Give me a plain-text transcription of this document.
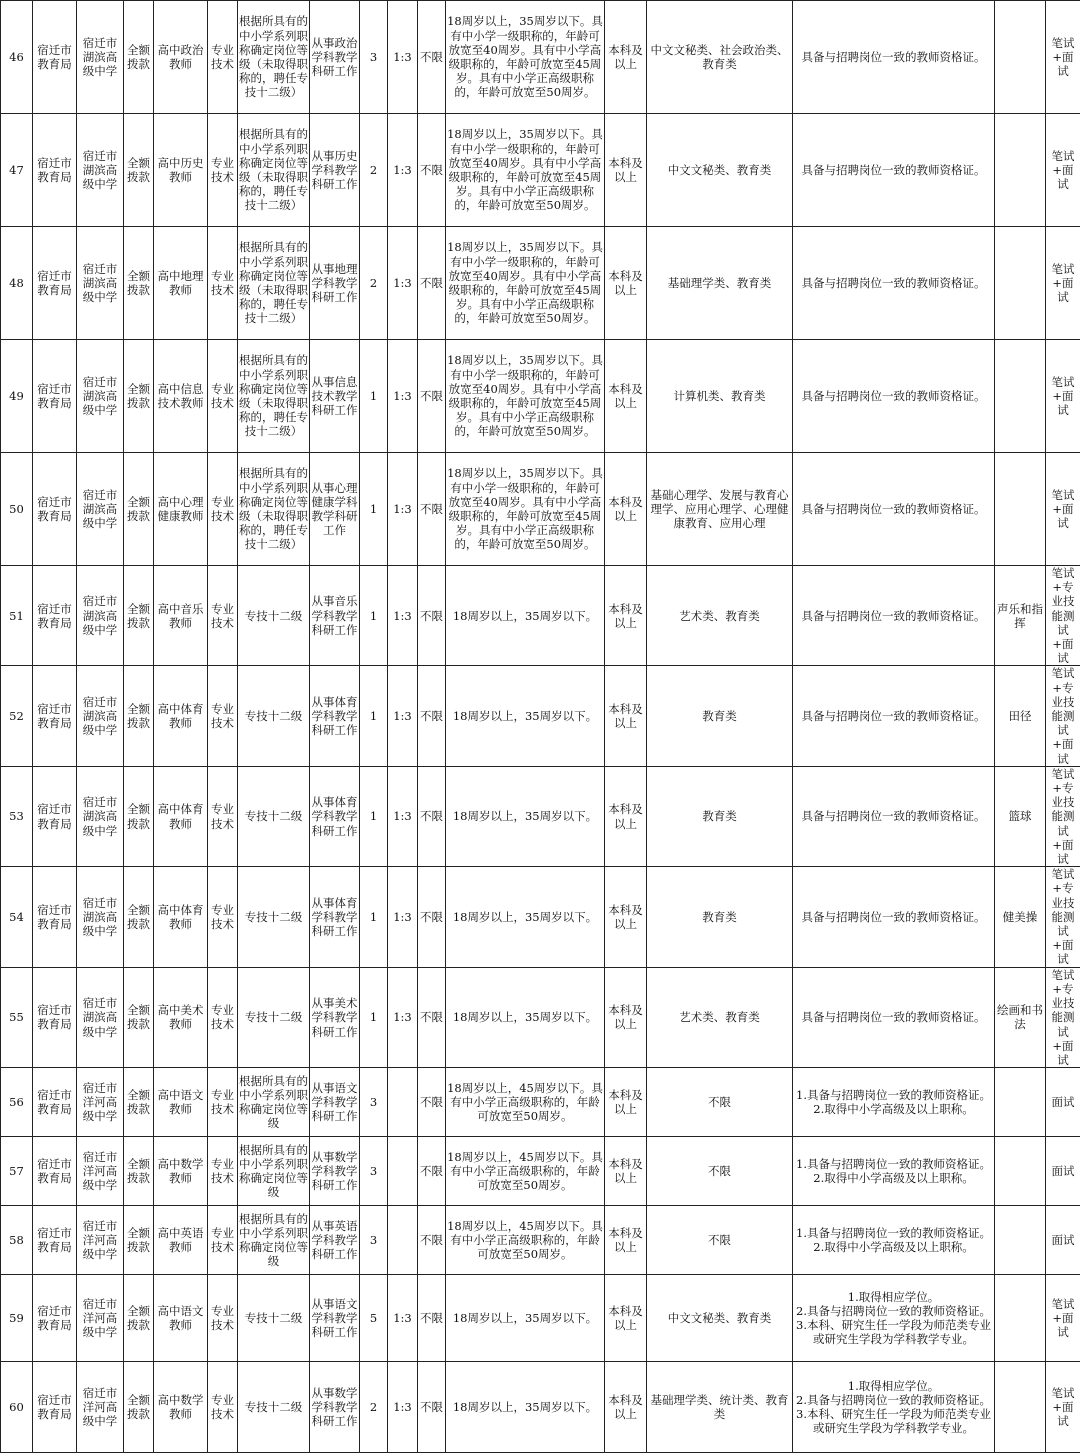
46	宿迁市教育局	宿迁市湖滨高级中学	全额拨款	高中政治教师	专业技术	根据所具有的中小学系列职称确定岗位等级（未取得职称的，聘任专技十二级）	从事政治学科教学科研工作	3	1:3	不限	18周岁以上，35周岁以下。具有中小学一级职称的，年龄可放宽至40周岁。具有中小学高级职称的，年龄可放宽至45周岁。具有中小学正高级职称的，年龄可放宽至50周岁。	本科及以上	中文文秘类、社会政治类、教育类	具备与招聘岗位一致的教师资格证。		笔试+面试
47	宿迁市教育局	宿迁市湖滨高级中学	全额拨款	高中历史教师	专业技术	根据所具有的中小学系列职称确定岗位等级（未取得职称的，聘任专技十二级）	从事历史学科教学科研工作	2	1:3	不限	18周岁以上，35周岁以下。具有中小学一级职称的，年龄可放宽至40周岁。具有中小学高级职称的，年龄可放宽至45周岁。具有中小学正高级职称的，年龄可放宽至50周岁。	本科及以上	中文文秘类、教育类	具备与招聘岗位一致的教师资格证。		笔试+面试
48	宿迁市教育局	宿迁市湖滨高级中学	全额拨款	高中地理教师	专业技术	根据所具有的中小学系列职称确定岗位等级（未取得职称的，聘任专技十二级）	从事地理学科教学科研工作	2	1:3	不限	18周岁以上，35周岁以下。具有中小学一级职称的，年龄可放宽至40周岁。具有中小学高级职称的，年龄可放宽至45周岁。具有中小学正高级职称的，年龄可放宽至50周岁。	本科及以上	基础理学类、教育类	具备与招聘岗位一致的教师资格证。		笔试+面试
49	宿迁市教育局	宿迁市湖滨高级中学	全额拨款	高中信息技术教师	专业技术	根据所具有的中小学系列职称确定岗位等级（未取得职称的，聘任专技十二级）	从事信息技术教学科研工作	1	1:3	不限	18周岁以上，35周岁以下。具有中小学一级职称的，年龄可放宽至40周岁。具有中小学高级职称的，年龄可放宽至45周岁。具有中小学正高级职称的，年龄可放宽至50周岁。	本科及以上	计算机类、教育类	具备与招聘岗位一致的教师资格证。		笔试+面试
50	宿迁市教育局	宿迁市湖滨高级中学	全额拨款	高中心理健康教师	专业技术	根据所具有的中小学系列职称确定岗位等级（未取得职称的，聘任专技十二级）	从事心理健康学科教学科研工作	1	1:3	不限	18周岁以上，35周岁以下。具有中小学一级职称的，年龄可放宽至40周岁。具有中小学高级职称的，年龄可放宽至45周岁。具有中小学正高级职称的，年龄可放宽至50周岁。	本科及以上	基础心理学、发展与教育心理学、应用心理学、心理健康教育、应用心理	具备与招聘岗位一致的教师资格证。		笔试+面试
51	宿迁市教育局	宿迁市湖滨高级中学	全额拨款	高中音乐教师	专业技术	专技十二级	从事音乐学科教学科研工作	1	1:3	不限	18周岁以上，35周岁以下。	本科及以上	艺术类、教育类	具备与招聘岗位一致的教师资格证。	声乐和指挥	笔试+专业技能测试+面试
52	宿迁市教育局	宿迁市湖滨高级中学	全额拨款	高中体育教师	专业技术	专技十二级	从事体育学科教学科研工作	1	1:3	不限	18周岁以上，35周岁以下。	本科及以上	教育类	具备与招聘岗位一致的教师资格证。	田径	笔试+专业技能测试+面试
53	宿迁市教育局	宿迁市湖滨高级中学	全额拨款	高中体育教师	专业技术	专技十二级	从事体育学科教学科研工作	1	1:3	不限	18周岁以上，35周岁以下。	本科及以上	教育类	具备与招聘岗位一致的教师资格证。	篮球	笔试+专业技能测试+面试
54	宿迁市教育局	宿迁市湖滨高级中学	全额拨款	高中体育教师	专业技术	专技十二级	从事体育学科教学科研工作	1	1:3	不限	18周岁以上，35周岁以下。	本科及以上	教育类	具备与招聘岗位一致的教师资格证。	健美操	笔试+专业技能测试+面试
55	宿迁市教育局	宿迁市湖滨高级中学	全额拨款	高中美术教师	专业技术	专技十二级	从事美术学科教学科研工作	1	1:3	不限	18周岁以上，35周岁以下。	本科及以上	艺术类、教育类	具备与招聘岗位一致的教师资格证。	绘画和书法	笔试+专业技能测试+面试
56	宿迁市教育局	宿迁市洋河高级中学	全额拨款	高中语文教师	专业技术	根据所具有的中小学系列职称确定岗位等级	从事语文学科教学科研工作	3		不限	18周岁以上，45周岁以下。具有中小学正高级职称的，年龄可放宽至50周岁。	本科及以上	不限	1.具备与招聘岗位一致的教师资格证。
2.取得中小学高级及以上职称。		面试
57	宿迁市教育局	宿迁市洋河高级中学	全额拨款	高中数学教师	专业技术	根据所具有的中小学系列职称确定岗位等级	从事数学学科教学科研工作	3		不限	18周岁以上，45周岁以下。具有中小学正高级职称的，年龄可放宽至50周岁。	本科及以上	不限	1.具备与招聘岗位一致的教师资格证。
2.取得中小学高级及以上职称。		面试
58	宿迁市教育局	宿迁市洋河高级中学	全额拨款	高中英语教师	专业技术	根据所具有的中小学系列职称确定岗位等级	从事英语学科教学科研工作	3		不限	18周岁以上，45周岁以下。具有中小学正高级职称的，年龄可放宽至50周岁。	本科及以上	不限	1.具备与招聘岗位一致的教师资格证。
2.取得中小学高级及以上职称。		面试
59	宿迁市教育局	宿迁市洋河高级中学	全额拨款	高中语文教师	专业技术	专技十二级	从事语文学科教学科研工作	5	1:3	不限	18周岁以上，35周岁以下。	本科及以上	中文文秘类、教育类	1.取得相应学位。
2.具备与招聘岗位一致的教师资格证。
3.本科、研究生任一学段为师范类专业或研究生学段为学科教学专业。		笔试+面试
60	宿迁市教育局	宿迁市洋河高级中学	全额拨款	高中数学教师	专业技术	专技十二级	从事数学学科教学科研工作	2	1:3	不限	18周岁以上，35周岁以下。	本科及以上	基础理学类、统计类、教育类	1.取得相应学位。
2.具备与招聘岗位一致的教师资格证。
3.本科、研究生任一学段为师范类专业或研究生学段为学科教学专业。		笔试+面试
